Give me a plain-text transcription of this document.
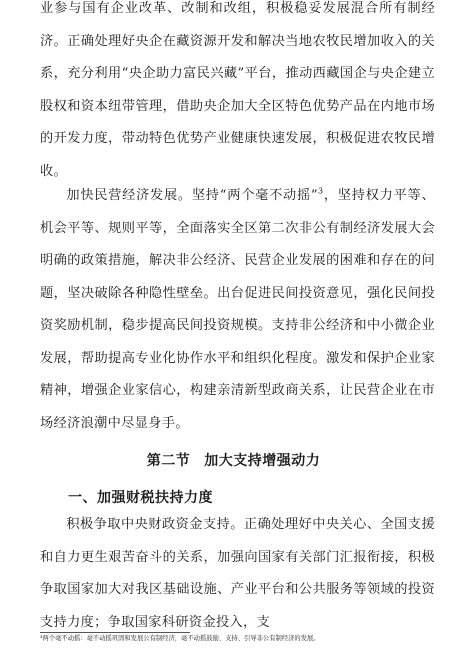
业参与国有企业改革、改制和改组，积极稳妥发展混合所有制经济。正确处理好央企在藏资源开发和解决当地农牧民增加收入的关系，充分利用“央企助力富民兴藏”平台，推动西藏国企与央企建立股权和资本纽带管理，借助央企加大全区特色优势产品在内地市场的开发力度，带动特色优势产业健康快速发展，积极促进农牧民增收。

加快民营经济发展。坚持“两个毫不动摇”$^3$，坚持权力平等、机会平等、规则平等，全面落实全区第二次非公有制经济发展大会明确的政策措施，解决非公经济、民营企业发展的困难和存在的问题，坚决破除各种隐性壁垒。出台促进民间投资意见，强化民间投资奖励机制，稳步提高民间投资规模。支持非公经济和中小微企业发展，帮助提高专业化协作水平和组织化程度。激发和保护企业家精神，增强企业家信心，构建亲清新型政商关系，让民营企业在市场经济浪潮中尽显身手。

第二节 加大支持增强动力
一、加强财税扶持力度

积极争取中央财政资金支持。正确处理好中央关心、全国支援和自力更生艰苦奋斗的关系，加强向国家有关部门汇报衔接，积极争取国家加大对我区基础设施、产业平台和公共服务等领域的投资支持力度；争取国家科研资金投入，支

³两个毫不动摇：毫不动摇巩固和发展公有制经济，毫不动摇鼓励、支持、引导非公有制经济的发展。
